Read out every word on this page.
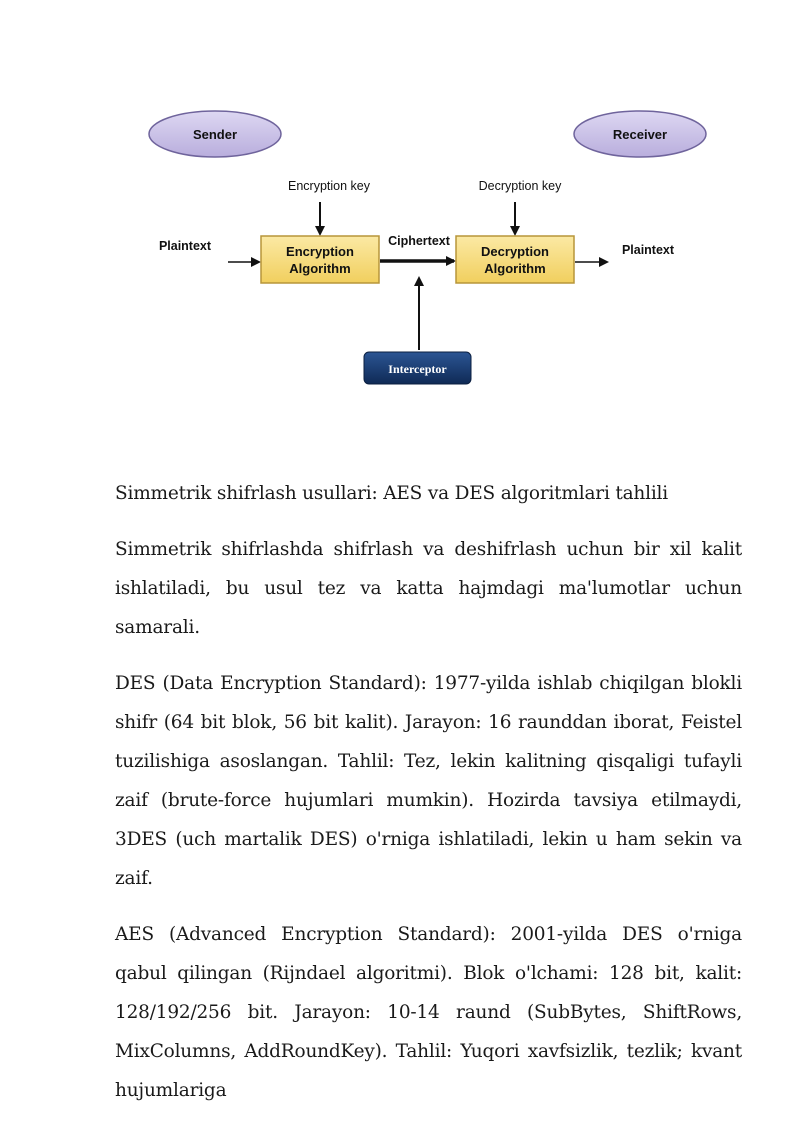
Sender	Receiver
Encryption key	Decryption key
Plaintext	Plaintext
Encryption
Algorithm
Ciphertext
Decryption
Algorithm
Interceptor

Simmetrik shifrlash usullari: AES va DES algoritmlari tahlili

Simmetrik shifrlashda shifrlash va deshifrlash uchun bir xil kalit ishlatiladi, bu usul tez va katta hajmdagi ma'lumotlar uchun samarali.

DES (Data Encryption Standard): 1977-yilda ishlab chiqilgan blokli shifr (64 bit blok, 56 bit kalit). Jarayon: 16 raunddan iborat, Feistel tuzilishiga asoslangan. Tahlil: Tez, lekin kalitning qisqaligi tufayli zaif (brute-force hujumlari mumkin). Hozirda tavsiya etilmaydi, 3DES (uch martalik DES) o'rniga ishlatiladi, lekin u ham sekin va zaif.

AES (Advanced Encryption Standard): 2001-yilda DES o'rniga qabul qilingan (Rijndael algoritmi). Blok o'lchami: 128 bit, kalit: 128/192/256 bit. Jarayon: 10-14 raund (SubBytes, ShiftRows, MixColumns, AddRoundKey). Tahlil: Yuqori xavfsizlik, tezlik; kvant hujumlariga
